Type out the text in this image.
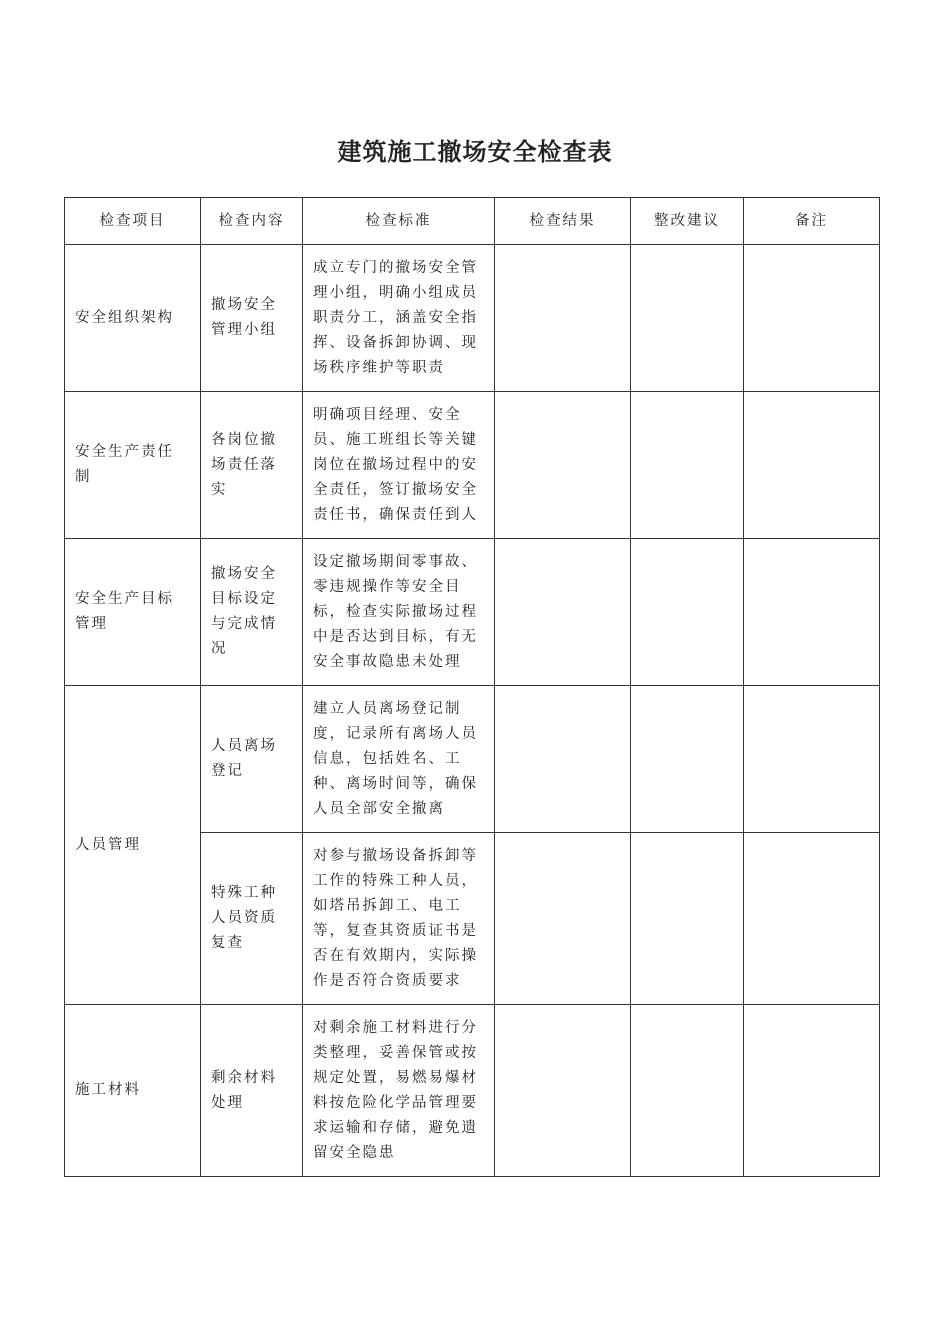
建筑施工撤场安全检查表
检查项目	检查内容	检查标准	检查结果	整改建议	备注
安全组织架构	撤场安全管理小组	成立专门的撤场安全管理小组，明确小组成员职责分工，涵盖安全指挥、设备拆卸协调、现场秩序维护等职责			
安全生产责任制	各岗位撤场责任落实	明确项目经理、安全员、施工班组长等关键岗位在撤场过程中的安全责任，签订撤场安全责任书，确保责任到人			
安全生产目标管理	撤场安全目标设定与完成情况	设定撤场期间零事故、零违规操作等安全目标，检查实际撤场过程中是否达到目标，有无安全事故隐患未处理			
人员管理	人员离场登记	建立人员离场登记制度，记录所有离场人员信息，包括姓名、工种、离场时间等，确保人员全部安全撤离			
	特殊工种人员资质复查	对参与撤场设备拆卸等工作的特殊工种人员，如塔吊拆卸工、电工等，复查其资质证书是否在有效期内，实际操作是否符合资质要求			
施工材料	剩余材料处理	对剩余施工材料进行分类整理，妥善保管或按规定处置，易燃易爆材料按危险化学品管理要求运输和存储，避免遗留安全隐患			
